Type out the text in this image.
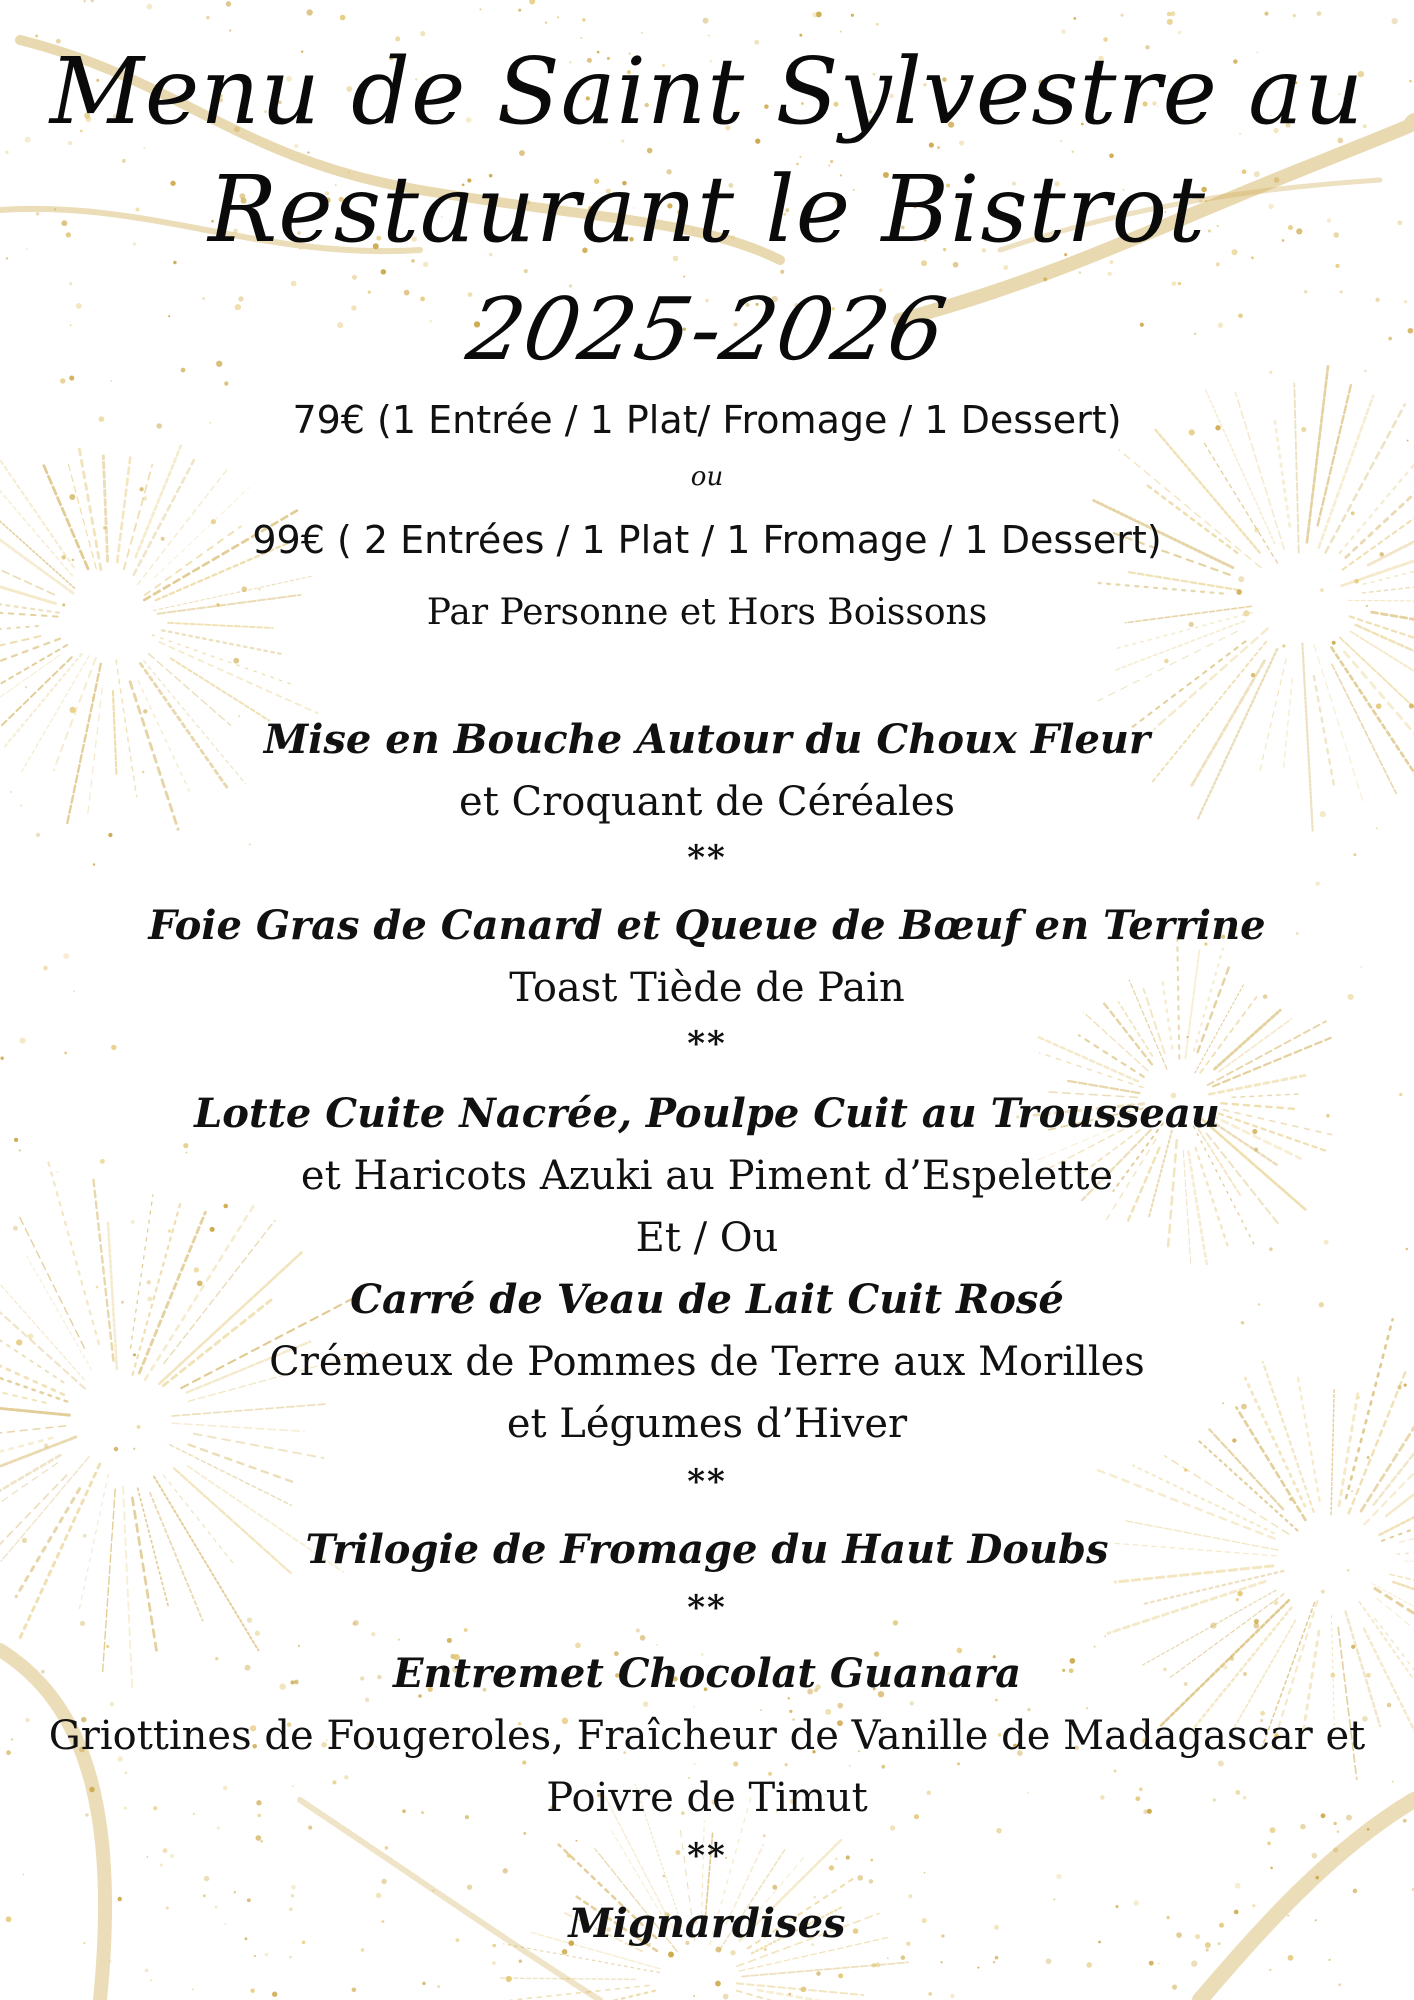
Menu de Saint Sylvestre au
Restaurant le Bistrot
2025-2026
79€ (1 Entrée / 1 Plat/ Fromage / 1 Dessert)
ou
99€ ( 2 Entrées / 1 Plat / 1 Fromage / 1 Dessert)
Par Personne et Hors Boissons
Mise en Bouche Autour du Choux Fleur
et Croquant de Céréales
**
Foie Gras de Canard et Queue de Bœuf en Terrine
Toast Tiède de Pain
**
Lotte Cuite Nacrée, Poulpe Cuit au Trousseau
et Haricots Azuki au Piment d’Espelette
Et / Ou
Carré de Veau de Lait Cuit Rosé
Crémeux de Pommes de Terre aux Morilles
et Légumes d’Hiver
**
Trilogie de Fromage du Haut Doubs
**
Entremet Chocolat Guanara
Griottines de Fougeroles, Fraîcheur de Vanille de Madagascar et
Poivre de Timut
**
Mignardises
